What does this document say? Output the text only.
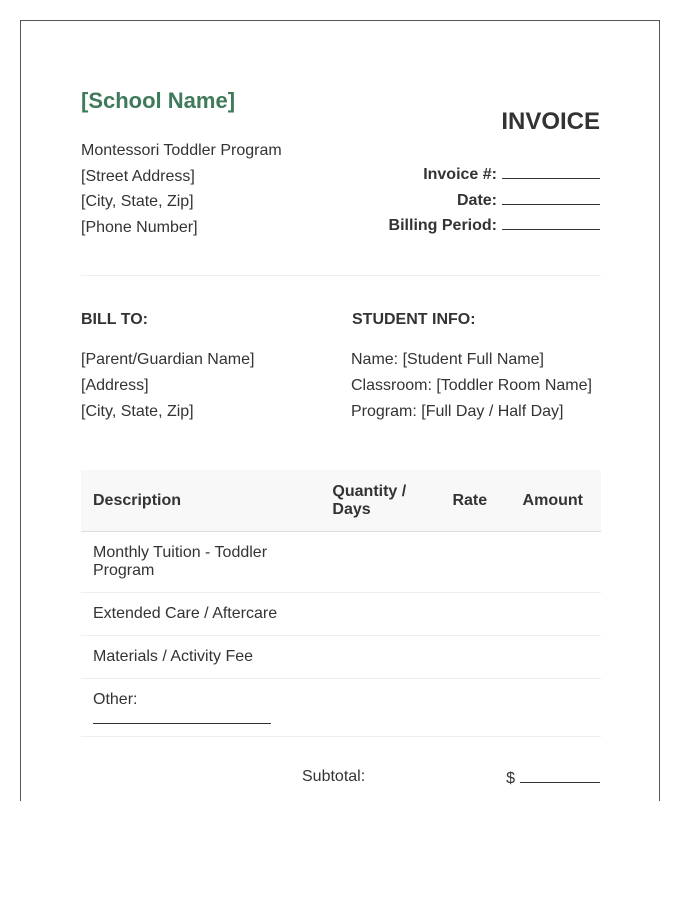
[School Name]
Montessori Toddler Program
[Street Address]
[City, State, Zip]
[Phone Number]
INVOICE
Invoice #:
Date:
Billing Period:
BILL TO:
[Parent/Guardian Name]
[Address]
[City, State, Zip]
STUDENT INFO:
Name: [Student Full Name]
Classroom: [Toddler Room Name]
Program: [Full Day / Half Day]
Description	Quantity / Days	Rate	Amount
Monthly Tuition - Toddler Program			
Extended Care / Aftercare			
Materials / Activity Fee			
Other:

Subtotal:	$
